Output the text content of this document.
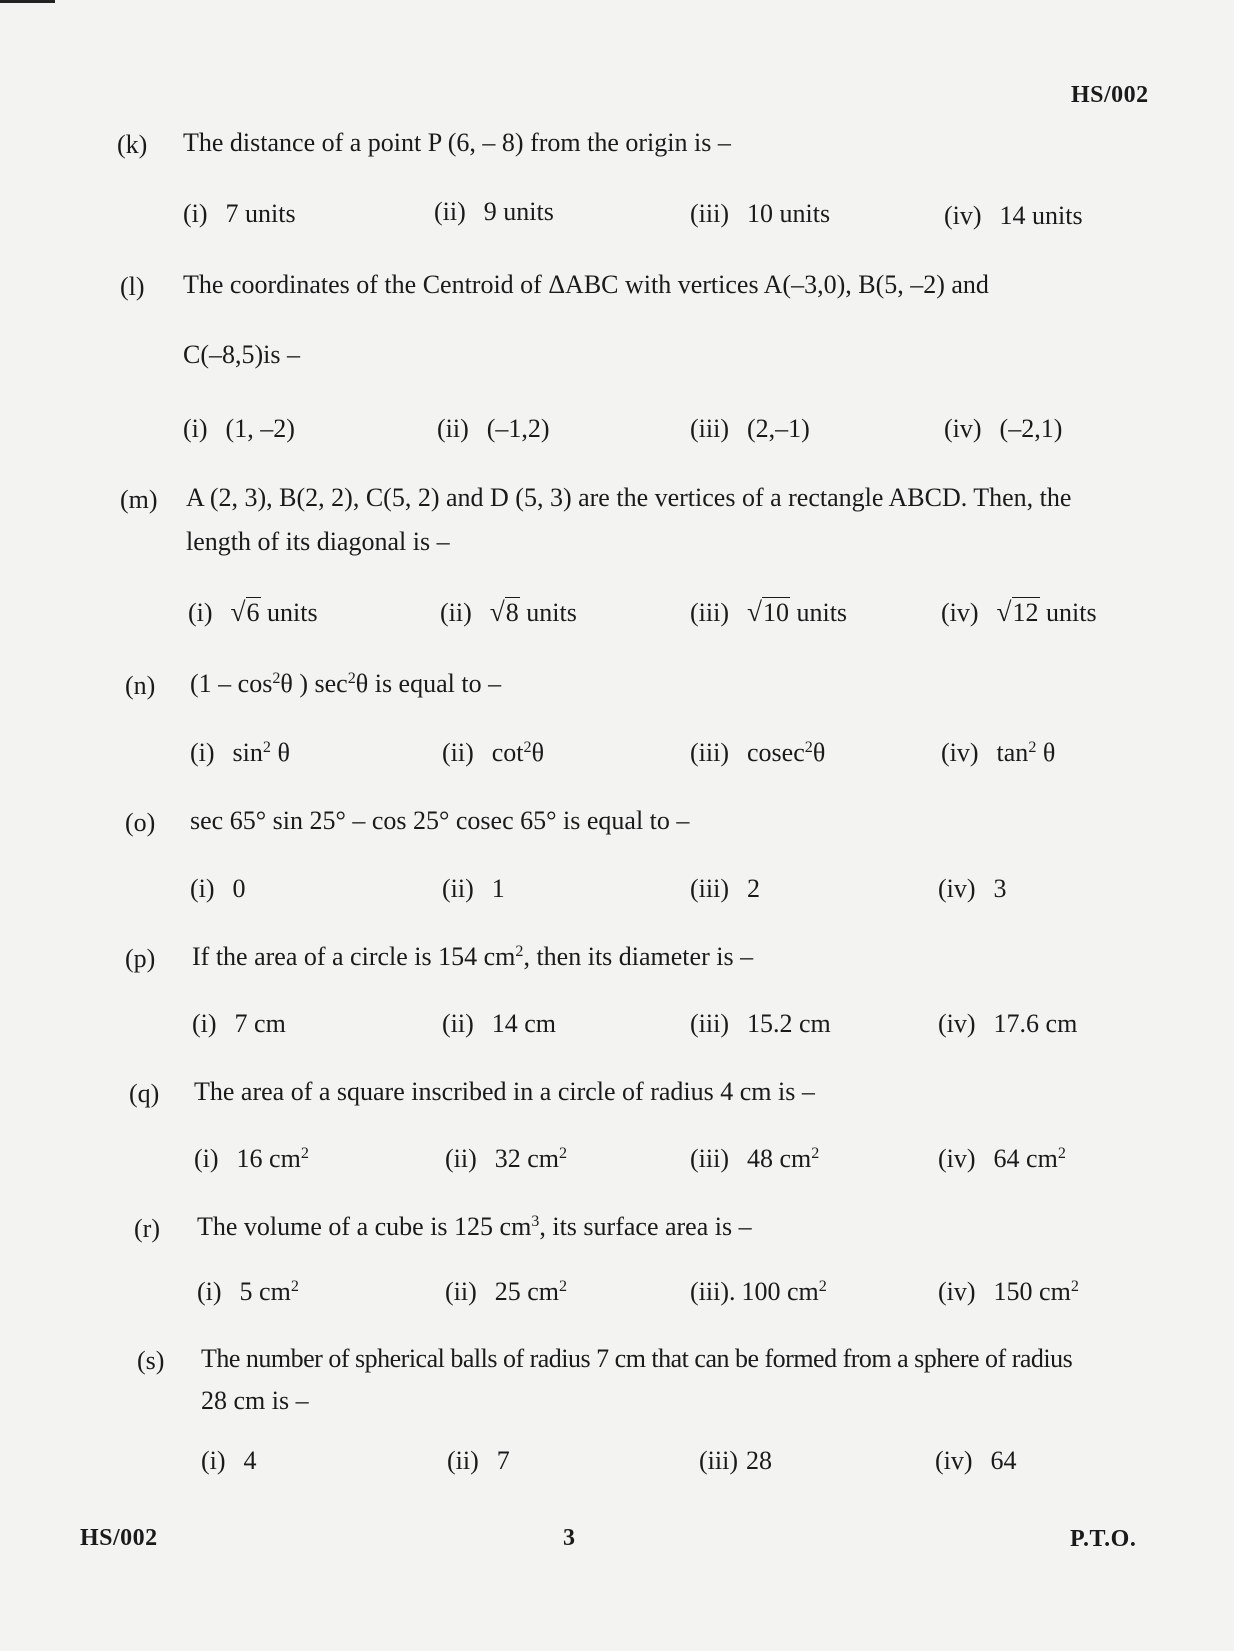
HS/002
(k) The distance of a point P (6, – 8) from the origin is –
(i) 7 units	(ii) 9 units	(iii) 10 units	(iv) 14 units
(l) The coordinates of the Centroid of ΔABC with vertices A(–3,0), B(5, –2) and
C(–8,5)is –
(i) (1, –2)	(ii) (–1,2)	(iii) (2,–1)	(iv) (–2,1)
(m) A (2, 3), B(2, 2), C(5, 2) and D (5, 3) are the vertices of a rectangle ABCD. Then, the
length of its diagonal is –
(i) √6 units	(ii) √8 units	(iii) √10 units	(iv) √12 units
(n) ($1 - \cos^2\theta$ ) $\sec^2\theta$ is equal to –
(i) $\sin^2 \theta$	(ii) $\cot^2\theta$	(iii) cosec$^2$θ	(iv) $\tan^2 \theta$
(o) sec 65° sin 25° – cos 25° cosec 65° is equal to –
(i) 0	(ii) 1	(iii) 2	(iv) 3
(p) If the area of a circle is 154 $cm^2$, then its diameter is –
(i) 7 cm	(ii) 14 cm	(iii) 15.2 cm	(iv) 17.6 cm
(q) The area of a square inscribed in a circle of radius 4 cm is –
(i) 16 $cm^2$	(ii) 32 $cm^2$	(iii) 48 $cm^2$	(iv) 64 $cm^2$
(r) The volume of a cube is 125 $cm^3$, its surface area is –
(i) 5 $cm^2$	(ii) 25 $cm^2$	(iii). 100 $cm^2$	(iv) 150 $cm^2$
(s) The number of spherical balls of radius 7 cm that can be formed from a sphere of radius
28 cm is –
(i) 4	(ii) 7	(iii) 28	(iv) 64
HS/002	3	P.T.O.
